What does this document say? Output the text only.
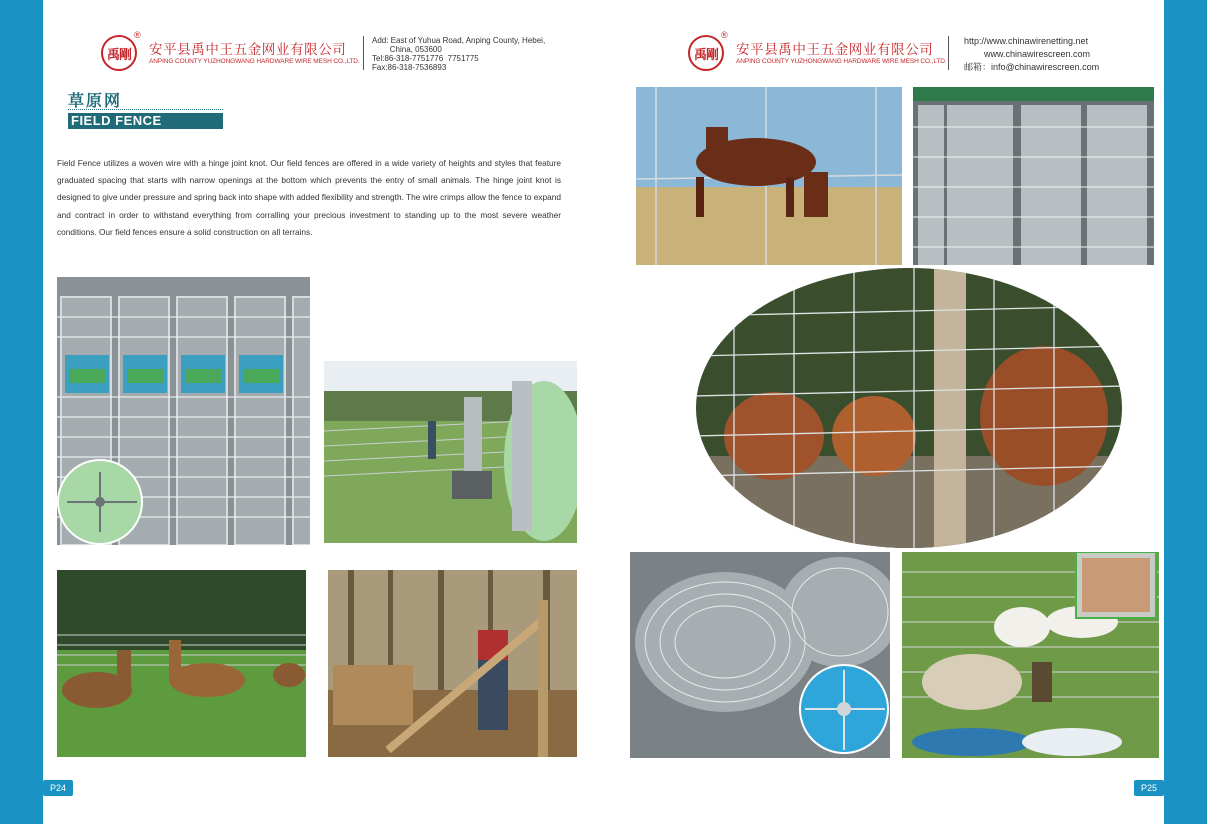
禹剛
®
安平县禹中王五金网业有限公司
ANPING COUNTY YUZHONGWANG HARDWARE WIRE MESH CO.,LTD.
Add: East of Yuhua Road, Anping County, Hebei,
China, 053600
Tel:86-318-7751776  7751775
Fax:86-318-7536893
草原网
FIELD FENCE

Field Fence utilizes a woven wire with a hinge joint knot. Our field fences are offered in a wide variety of heights and styles that feature graduated spacing that starts with narrow openings at the bottom which prevents the entry of small animals. The hinge joint knot is designed to give under pressure and spring back into shape with added flexibility and strength. The wire crimps allow the fence to expand and contract in order to withstand everything from corralling your precious investment to standing up to the most severe weather conditions. Our field fences ensure a solid construction on all terrains.

P24
禹剛
®
安平县禹中王五金网业有限公司
ANPING COUNTY YUZHONGWANG HARDWARE WIRE MESH CO.,LTD.
http://www.chinawirenetting.net
www.chinawirescreen.com
邮箱：info@chinawirescreen.com
P25
